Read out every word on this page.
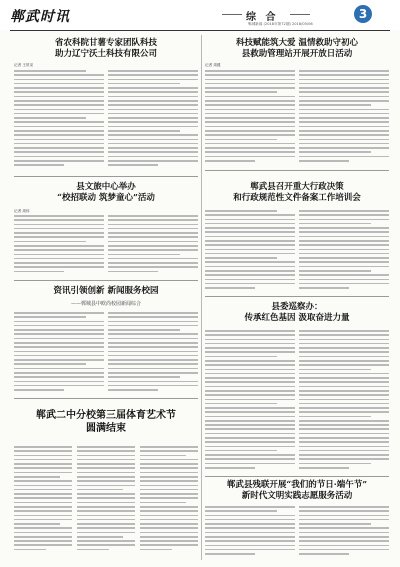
郸武时讯	综 合	3
郸城新闻 (2018年第72期) 2018/05/06
省农科院甘薯专家团队科技
助力辽宁沃土科技有限公司
记者 王常录
县文旅中心举办
“校招联动 筑梦童心”活动
记者 周伟
资讯引领创新 新闻服务校园
——郸城县中欧尚校园新闻综合
郸武二中分校第三届体育艺术节
圆满结束
科技赋能筑大爱 温情救助守初心
县救助管理站开展开放日活动
记者 周健
郸武县召开重大行政决策
和行政规范性文件备案工作培训会
县委巡察办：
传承红色基因 汲取奋进力量
郸武县残联开展“我们的节日·端午节”
新时代文明实践志愿服务活动
